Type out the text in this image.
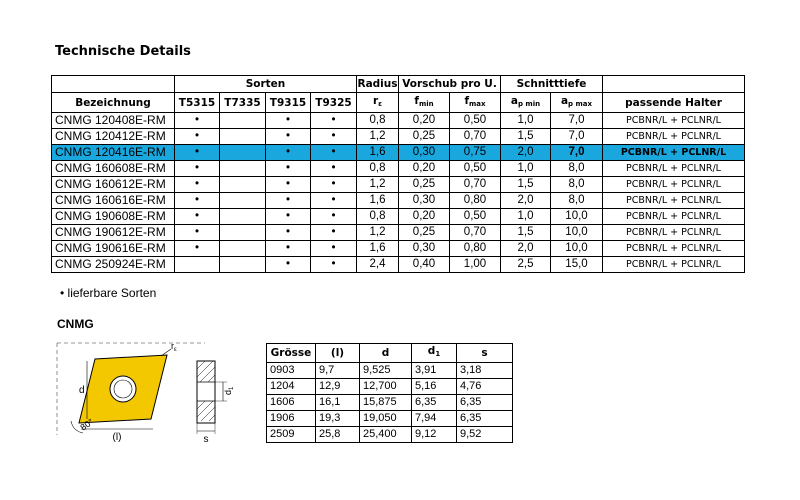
Technische Details
	Sorten				Radius	Vorschub pro U.		Schnitttiefe		
Bezeichnung	T5315	T7335	T9315	T9325	$r_\varepsilon$	$f_{min}$	$f_{max}$	$a_{p min}$	$a_{p max}$	passende Halter
CNMG 120408E-RM	•		•	•	0,8	0,20	0,50	1,0	7,0	PCBNR/L + PCLNR/L
CNMG 120412E-RM	•		•	•	1,2	0,25	0,70	1,5	7,0	PCBNR/L + PCLNR/L
CNMG 120416E-RM	•		•	•	1,6	0,30	0,75	2,0	7,0	PCBNR/L + PCLNR/L
CNMG 160608E-RM	•		•	•	0,8	0,20	0,50	1,0	8,0	PCBNR/L + PCLNR/L
CNMG 160612E-RM	•		•	•	1,2	0,25	0,70	1,5	8,0	PCBNR/L + PCLNR/L
CNMG 160616E-RM	•		•	•	1,6	0,30	0,80	2,0	8,0	PCBNR/L + PCLNR/L
CNMG 190608E-RM	•		•	•	0,8	0,20	0,50	1,0	10,0	PCBNR/L + PCLNR/L
CNMG 190612E-RM	•		•	•	1,2	0,25	0,70	1,5	10,0	PCBNR/L + PCLNR/L
CNMG 190616E-RM	•		•	•	1,6	0,30	0,80	2,0	10,0	PCBNR/L + PCLNR/L
CNMG 250924E-RM			•	•	2,4	0,40	1,00	2,5	15,0	PCBNR/L + PCLNR/L
• lieferbare Sorten
CNMG
d
(l)
80°
$r_\varepsilon$
$d_1$
s
Grösse	(l)	d	$d_1$	s
0903	9,7	9,525	3,91	3,18
1204	12,9	12,700	5,16	4,76
1606	16,1	15,875	6,35	6,35
1906	19,3	19,050	7,94	6,35
2509	25,8	25,400	9,12	9,52
